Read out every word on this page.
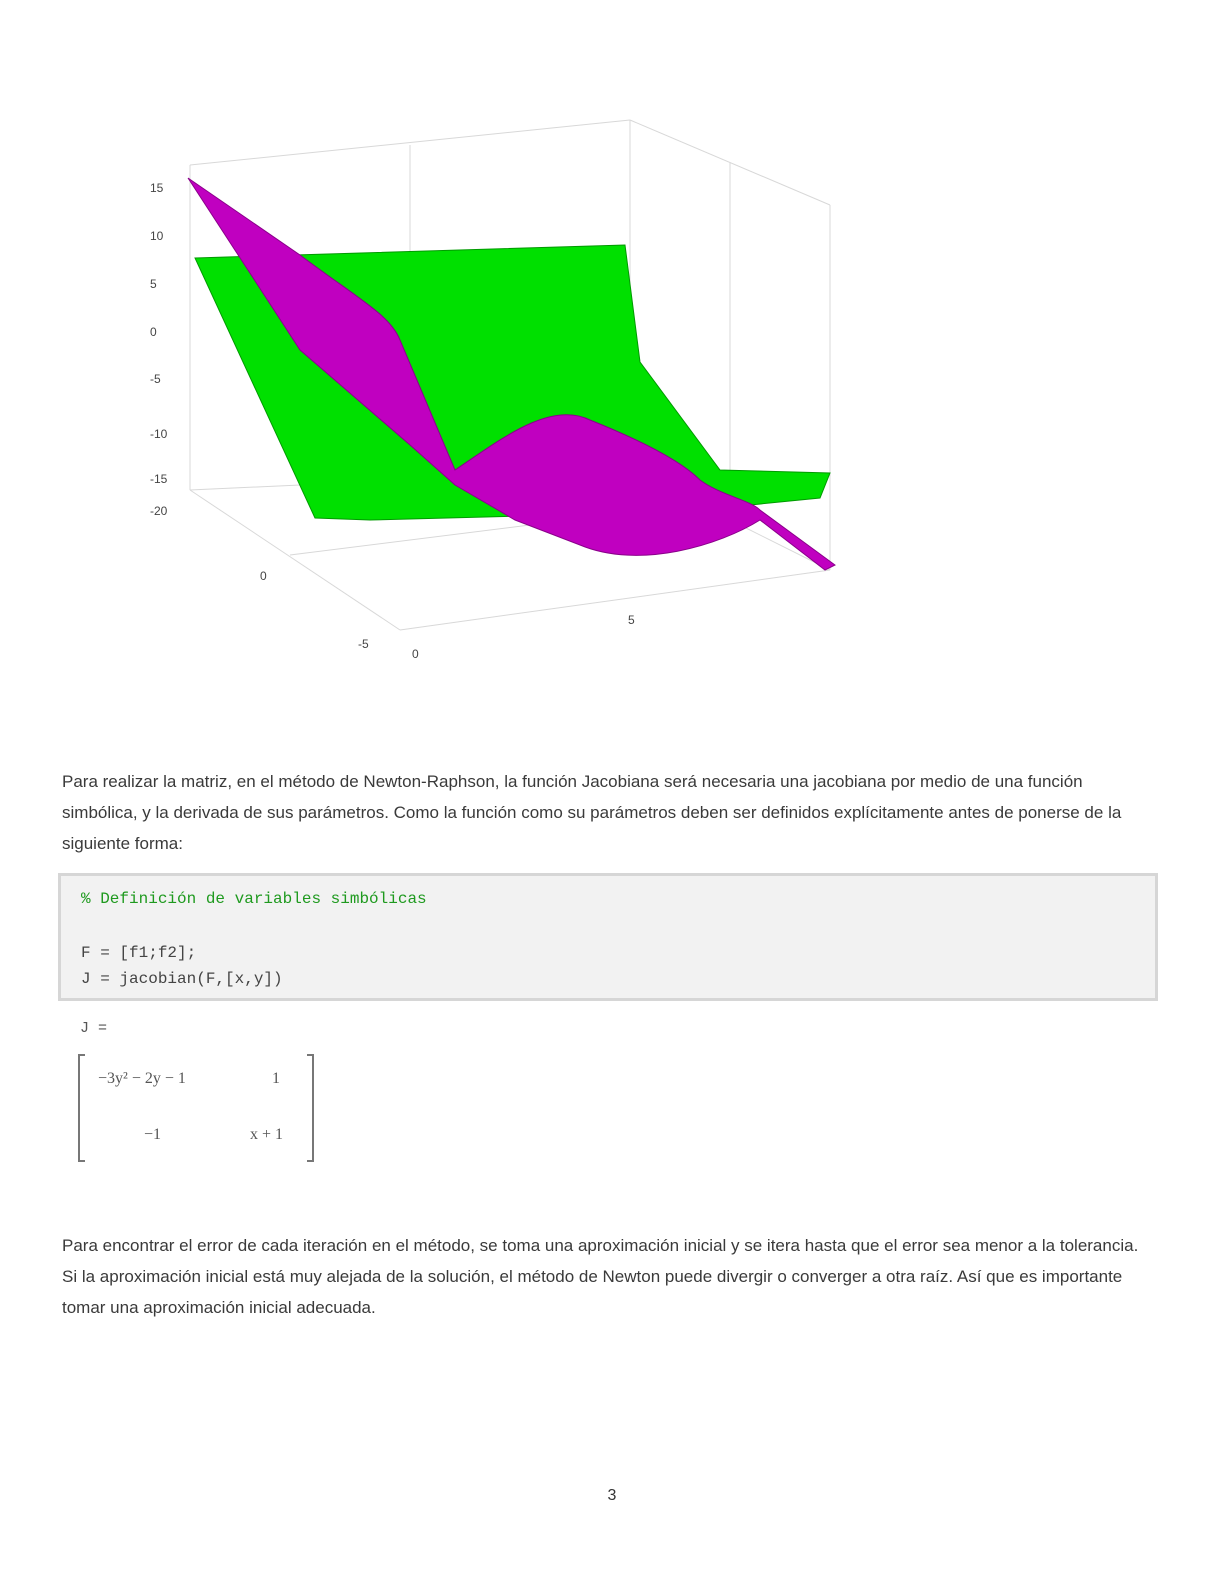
15
10
5
0
-5
-10
-15
-20
0
-5
0
5

Para realizar la matriz, en el método de Newton-Raphson, la función Jacobiana será necesaria una jacobiana por medio de una función simbólica, y la derivada de sus parámetros. Como la función como su parámetros deben ser definidos explícitamente antes de ponerse de la siguiente forma:

% Definición de variables simbólicas
F = [f1;f2];
J = jacobian(F,[x,y])
J =
−3y² − 2y − 1	1
−1	x + 1

Para encontrar el error de cada iteración en el método, se toma una aproximación inicial y se itera hasta que el error sea menor a la tolerancia. Si la aproximación inicial está muy alejada de la solución, el método de Newton puede divergir o converger a otra raíz. Así que es importante tomar una aproximación inicial adecuada.

3
